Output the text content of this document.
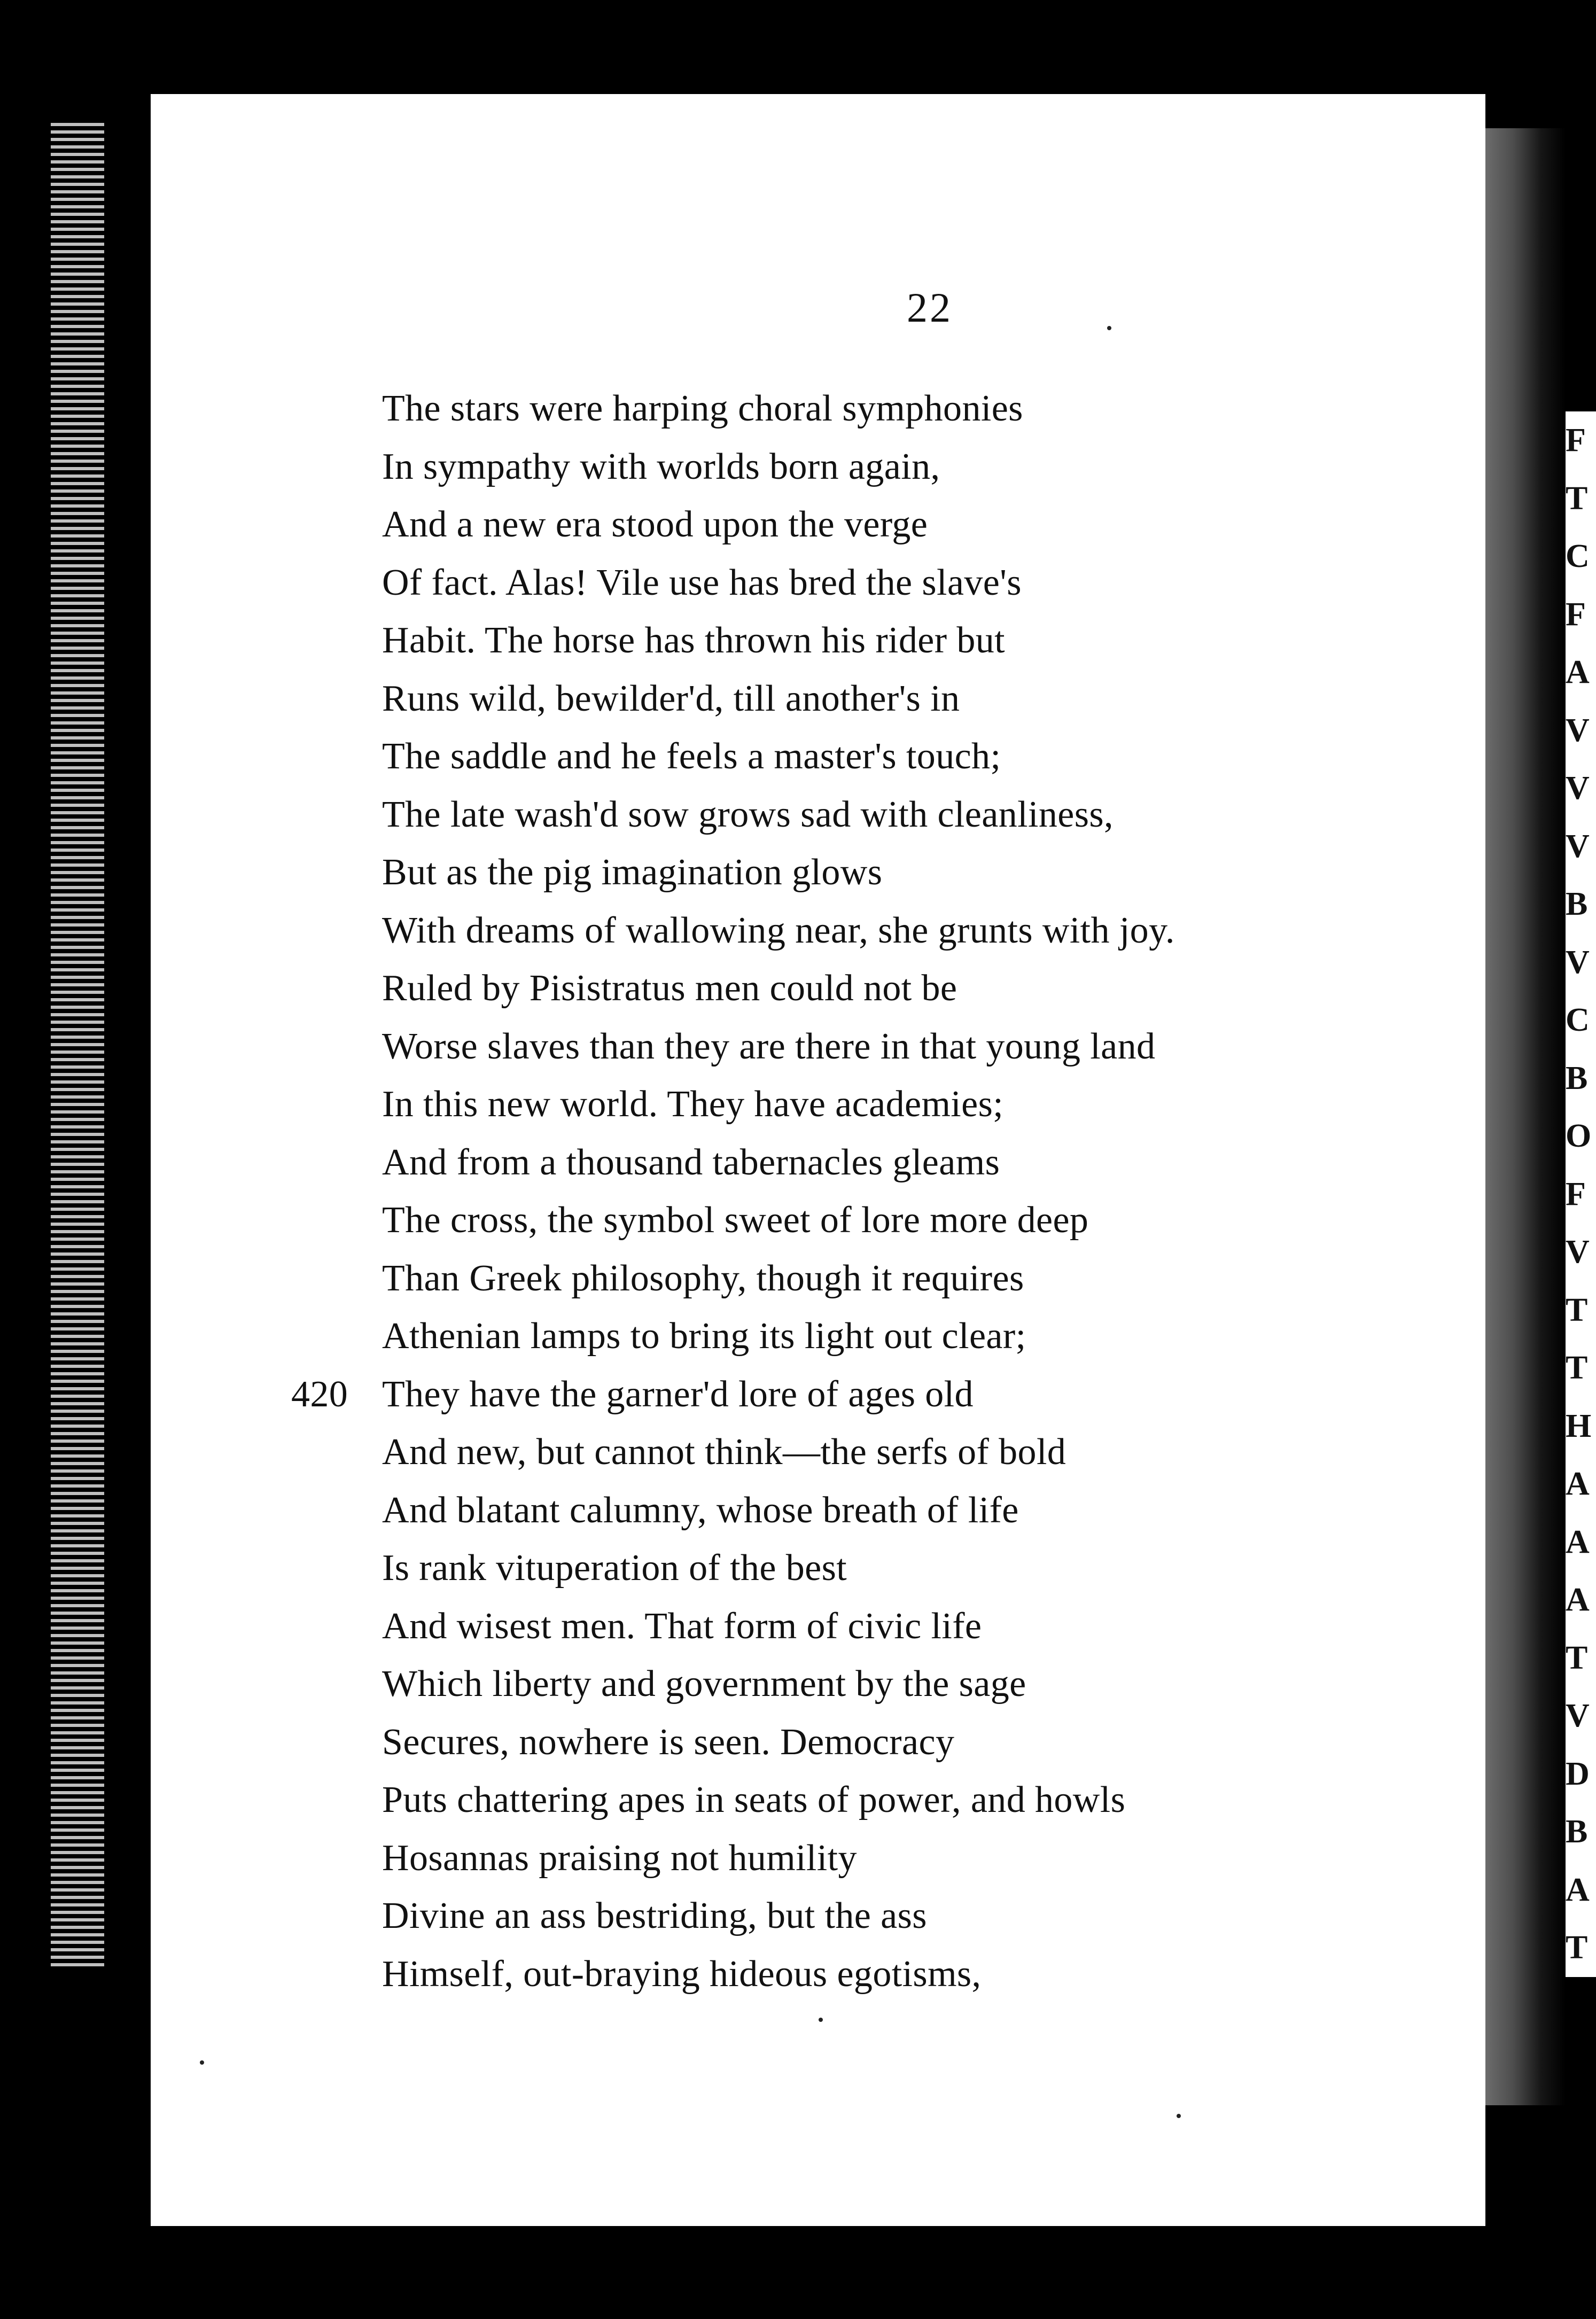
F
T
C
F
A
V
V
V
B
V
C
B
O
F
V
T
T
H
A
A
A
T
V
D
B
A
T
22
The stars were harping choral symphonies
In sympathy with worlds born again,
And a new era stood upon the verge
Of fact. Alas! Vile use has bred the slave's
Habit. The horse has thrown his rider but
Runs wild, bewilder'd, till another's in
The saddle and he feels a master's touch;
The late wash'd sow grows sad with cleanliness,
But as the pig imagination glows
With dreams of wallowing near, she grunts with joy.
Ruled by Pisistratus men could not be
Worse slaves than they are there in that young land
In this new world. They have academies;
And from a thousand tabernacles gleams
The cross, the symbol sweet of lore more deep
Than Greek philosophy, though it requires
Athenian lamps to bring its light out clear;
They have the garner'd lore of ages old
420
And new, but cannot think—the serfs of bold
And blatant calumny, whose breath of life
Is rank vituperation of the best
And wisest men. That form of civic life
Which liberty and government by the sage
Secures, nowhere is seen. Democracy
Puts chattering apes in seats of power, and howls
Hosannas praising not humility
Divine an ass bestriding, but the ass
Himself, out-braying hideous egotisms,
